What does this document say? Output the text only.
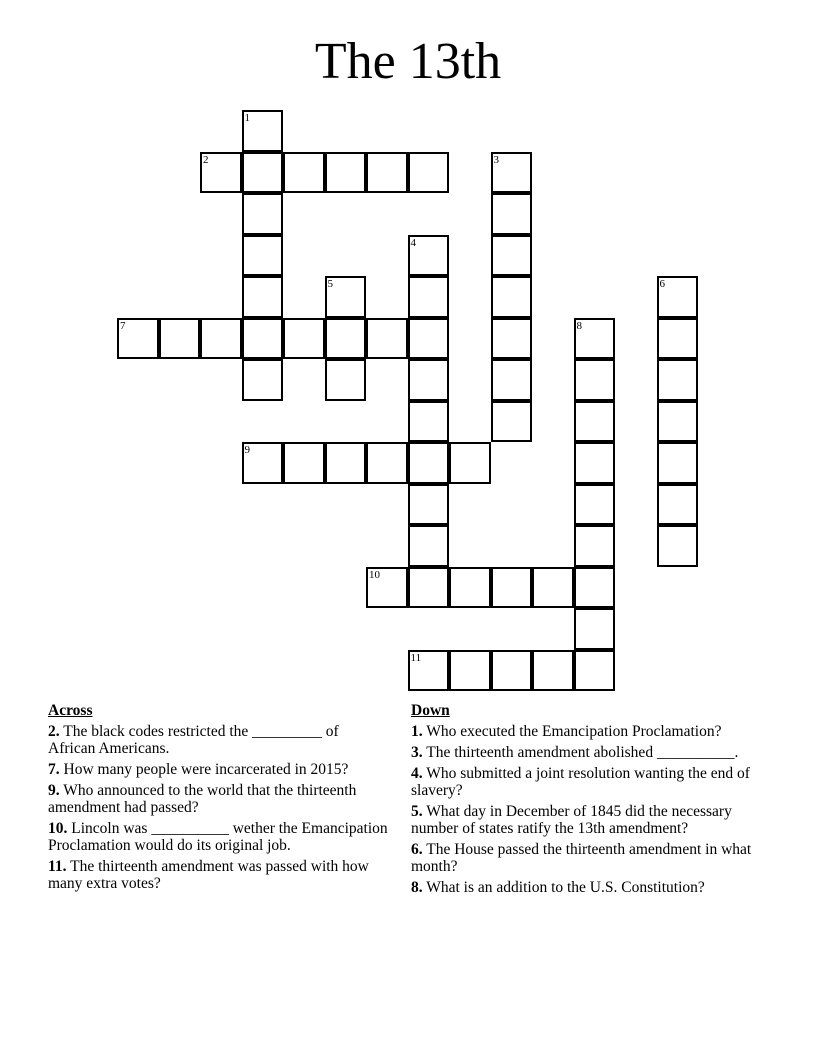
The 13th
1
2	3
4
5	6
7	8
9
10
11
Across
2. The black codes restricted the _________ of African Americans.
7. How many people were incarcerated in 2015?
9. Who announced to the world that the thirteenth amendment had passed?
10. Lincoln was __________ wether the Emancipation Proclamation would do its original job.
11. The thirteenth amendment was passed with how many extra votes?
Down
1. Who executed the Emancipation Proclamation?
3. The thirteenth amendment abolished __________.
4. Who submitted a joint resolution wanting the end of slavery?
5. What day in December of 1845 did the necessary number of states ratify the 13th amendment?
6. The House passed the thirteenth amendment in what month?
8. What is an addition to the U.S. Constitution?
